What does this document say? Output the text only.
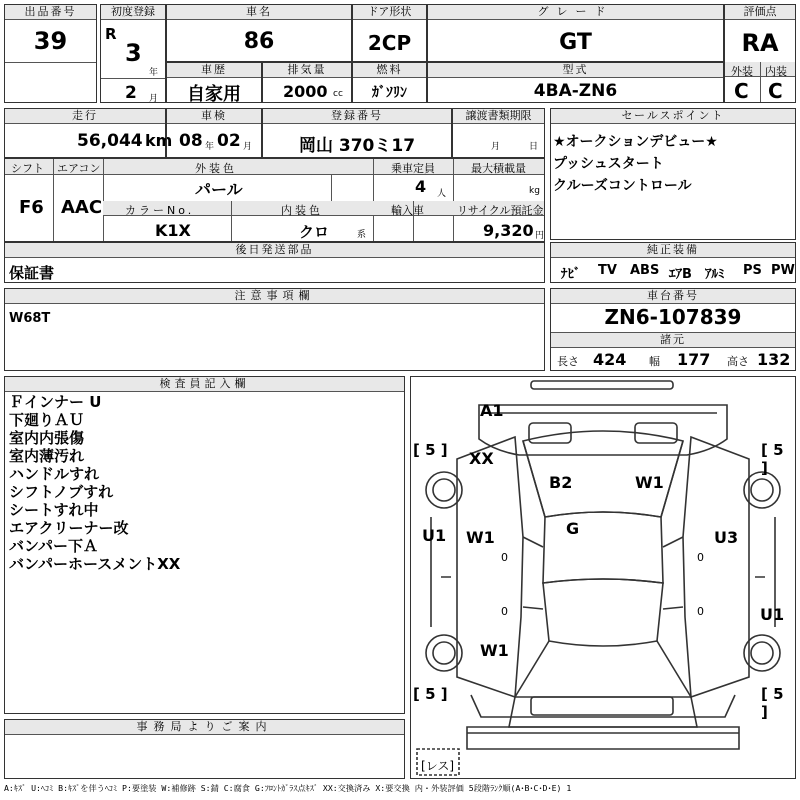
出品番号
39
初度登録
R
3
年
2 月
車名
86
ドア形状
2CP
グレード
GT
評価点
RA
外装 内装
C C
車歴
自家用
排気量
2000 cc
燃料
ｶﾞｿﾘﾝ
型式
4BA-ZN6
走行
56,044 km
車検
08 年 02 月
登録番号
岡山 370ミ17
譲渡書類期限
月	日
セールスポイント
★オークションデビュー★
プッシュスタート
クルーズコントロール
シフト エアコン	外装色	乗車定員	最大積載量
F6 AAC
パール	4 人	kg
カラーNo.	内装色	輸入車	リサイクル預託金
K1X	クロ	系	9,320 円
後日発送部品
保証書
純正装備
ﾅﾋﾞ TV ABS ｴｱB ｱﾙﾐ PS PW
注意事項欄
W68T
車台番号
ZN6-107839
諸元
長さ 424 幅 177 高さ 132
検査員記入欄
Ｆインナー U
下廻りＡＵ
室内内張傷
室内薄汚れ
ハンドルすれ
シフトノブすれ
シートすれ中
エアクリーナー改
バンパー下Ａ
バンパーホースメントXX
事務局よりご案内
A1
XX
B2	W1
G
U1 W1	U3
U1
W1
[ 5 ]	[ 5 ]
[ 5 ]	[ 5 ]
0	0
0	0
[レス]
A:ｷｽﾞ U:ﾍｺﾐ B:ｷｽﾞを伴うﾍｺﾐ P:要塗装 W:補修跡 S:錆 C:腐食 G:ﾌﾛﾝﾄｶﾞﾗｽ点ｷｽﾞ XX:交換済み X:要交換 内・外装評価 5段階ﾗﾝｸ順(A･B･C･D･E) 1
